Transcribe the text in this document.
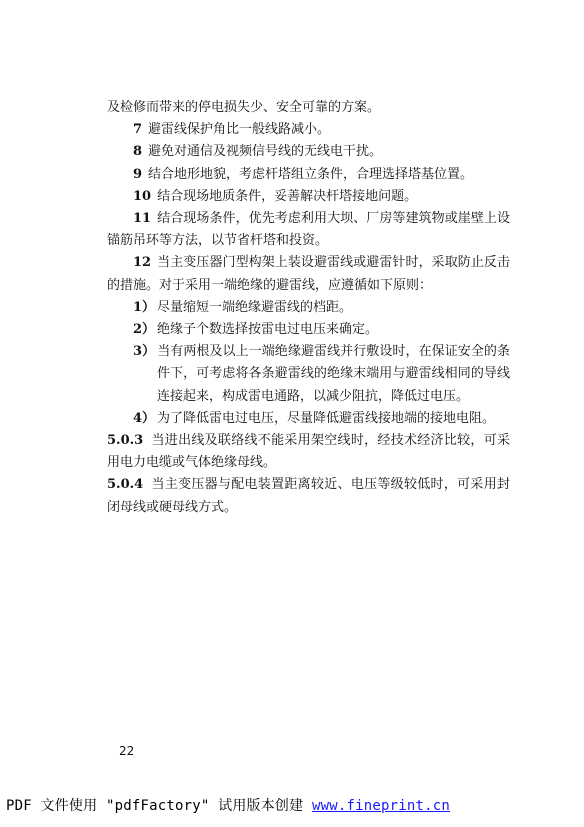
及检修而带来的停电损失少、安全可靠的方案。

7 避雷线保护角比一般线路减小。

8 避免对通信及视频信号线的无线电干扰。

9 结合地形地貌，考虑杆塔组立条件，合理选择塔基位置。

10 结合现场地质条件，妥善解决杆塔接地问题。

11 结合现场条件，优先考虑利用大坝、厂房等建筑物或崖壁上设锚筋吊环等方法，以节省杆塔和投资。

12 当主变压器门型构架上装设避雷线或避雷针时，采取防止反击的措施。对于采用一端绝缘的避雷线，应遵循如下原则：

1） 尽量缩短一端绝缘避雷线的档距。

2） 绝缘子个数选择按雷电过电压来确定。

3） 当有两根及以上一端绝缘避雷线并行敷设时，在保证安全的条件下，可考虑将各条避雷线的绝缘末端用与避雷线相同的导线连接起来，构成雷电通路，以减少阻抗，降低过电压。

4） 为了降低雷电过电压，尽量降低避雷线接地端的接地电阻。

5.0.3 当进出线及联络线不能采用架空线时，经技术经济比较，可采用电力电缆或气体绝缘母线。

5.0.4 当主变压器与配电装置距离较近、电压等级较低时，可采用封闭母线或硬母线方式。

22
PDF 文件使用 "pdfFactory" 试用版本创建 www.fineprint.cn
